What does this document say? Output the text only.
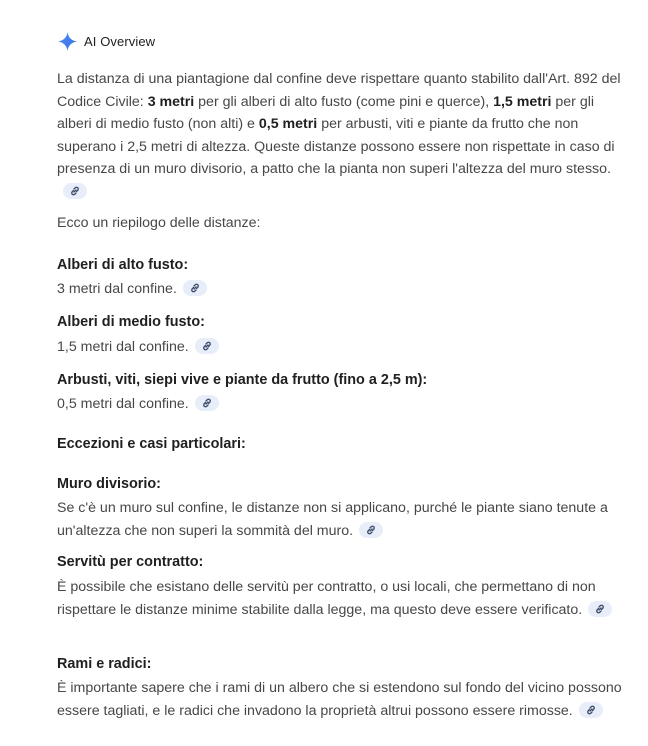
AI Overview

La distanza di una piantagione dal confine deve rispettare quanto stabilito dall'Art. 892 del Codice Civile: 3 metri per gli alberi di alto fusto (come pini e querce), 1,5 metri per gli alberi di medio fusto (non alti) e 0,5 metri per arbusti, viti e piante da frutto che non superano i 2,5 metri di altezza. Queste distanze possono essere non rispettate in caso di presenza di un muro divisorio, a patto che la pianta non superi l'altezza del muro stesso.

Ecco un riepilogo delle distanze:

Alberi di alto fusto:

3 metri dal confine.

Alberi di medio fusto:

1,5 metri dal confine.

Arbusti, viti, siepi vive e piante da frutto (fino a 2,5 m):

0,5 metri dal confine.

Eccezioni e casi particolari:

Muro divisorio:

Se c'è un muro sul confine, le distanze non si applicano, purché le piante siano tenute a un'altezza che non superi la sommità del muro.

Servitù per contratto:

È possibile che esistano delle servitù per contratto, o usi locali, che permettano di non rispettare le distanze minime stabilite dalla legge, ma questo deve essere verificato.

Rami e radici:

È importante sapere che i rami di un albero che si estendono sul fondo del vicino possono essere tagliati, e le radici che invadono la proprietà altrui possono essere rimosse.
